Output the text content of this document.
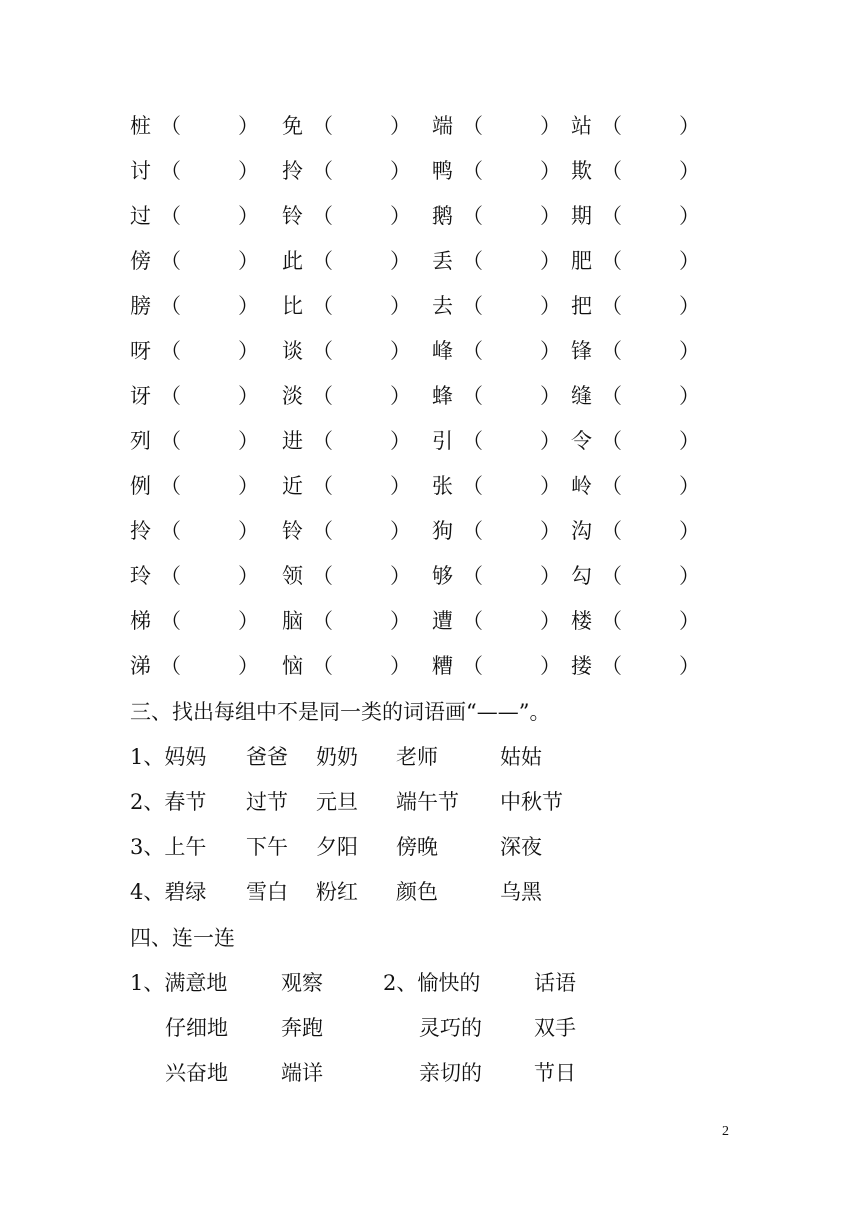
桩 （	） 免 （	） 端 （	） 站 （	）
讨 （	） 拎 （	） 鸭 （	） 欺 （	）
过 （	） 铃 （	） 鹅 （	） 期 （	）
傍 （	） 此 （	） 丢 （	） 肥 （	）
膀 （	） 比 （	） 去 （	） 把 （	）
呀 （	） 谈 （	） 峰 （	） 锋 （	）
讶 （	） 淡 （	） 蜂 （	） 缝 （	）
列 （	） 进 （	） 引 （	） 令 （	）
例 （	） 近 （	） 张 （	） 岭 （	）
拎 （	） 铃 （	） 狗 （	） 沟 （	）
玲 （	） 领 （	） 够 （	） 勾 （	）
梯 （	） 脑 （	） 遭 （	） 楼 （	）
涕 （	） 恼 （	） 糟 （	） 搂 （	）
三、找出每组中不是同一类的词语画“——”。
1、妈妈 爸爸 奶奶 老师	姑姑
2、春节 过节 元旦 端午节 中秋节
3、上午 下午 夕阳 傍晚	深夜
4、碧绿 雪白 粉红 颜色	乌黑
四、连一连
1、满意地	观察	2、愉快的	话语
仔细地	奔跑	灵巧的 双手
兴奋地	端详	亲切的 节日
2
